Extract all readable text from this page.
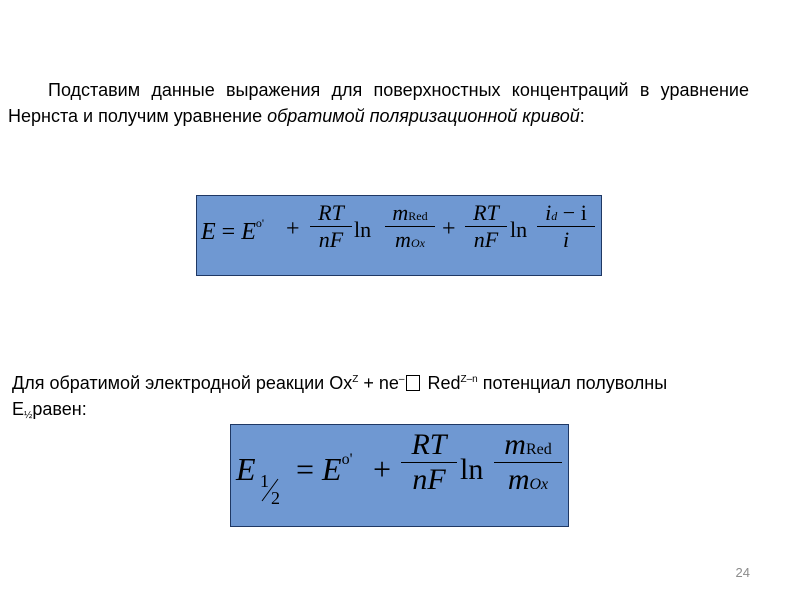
Подставим данные выражения для поверхностных концентраций в уравнение Нернста и получим уравнение обратимой поляризационной кривой:

$E = E^{o'} + \frac{RT}{nF}$ ln
mRed
mOx
+ $\frac{RT}{nF}$ $\ln \frac{id - i}{i}$

Для обратимой электродной реакции $Ox^Z + ne^-$ Red$^{Z-n}$ потенциал полуволны
$E_{\frac{1}{2}}равен$:

E 1
2
= $E^{o'} + \frac{RT}{nF}$ ln
mRed
mOx
24
